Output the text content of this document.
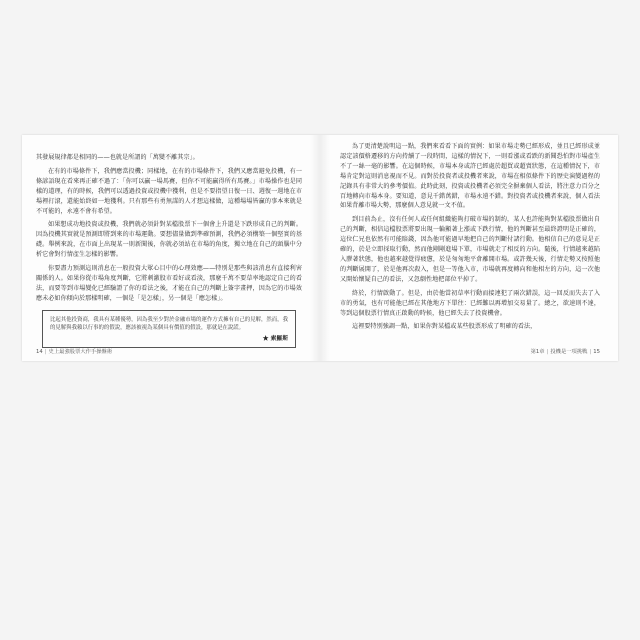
其發展規律都是相同的——也就是所謂的「萬變不離其宗」。

在有的市場條件下，我們應當投機；同樣地，在有的市場條件下，我們又應當避免投機，有一條諺語現在看來再正確不過了：「你可以贏一場馬賽，但你不可能贏得所有馬賽。」市場操作也是同樣的道理，有的時候，我們可以透過投資或投機中獲利，但是不要指望日復一日、週復一週地在市場裡打滾，還能始終如一地獲利。只有那些有勇無謀的人才想這樣做，這種場場皆贏的事本來就是不可能的，永遠不會有希望。

如果想成功地投資或投機，我們就必須針對某檔股票下一個會上升還是下跌形成自己的判斷。因為投機其實就是預測即將到來的市場運動。要想儘量做到準確預測，我們必須構築一個堅實的基礎。舉例來說，在市面上出現某一則新聞後，你就必須站在市場的角度，獨立地在自己的頭腦中分析它會對行情產生怎樣的影響。

你要盡力預測這則消息在一般投資大眾心目中的心理效應——特別是那些與該消息有直接利害關係的人。如果你從市場角度判斷，它將刺激股市看好或看淡，那麼千萬不要草率地認定自己的看法，而要等到市場變化已經驗證了你的看法之後，才能在自己的判斷上簽字畫押，因為它的市場效應未必如你傾向於那樣明確，一個是「是怎樣」，另一個是「應怎樣」。

比起其他投資商，我具有某種優勢，因為我至少對於金融市場的運作方式擁有自己的見解，然而，我的見解與我賴以行事的的假說，應該被視為某個具有價值的假設，那就是在說謊。
★ 索羅斯
14 | 史上最強股票大作手操盤術

為了更清楚說明這一點，我們來看看下面的實例：如果市場走勢已經形成，並且已經形成並認定該價格遷移的方向持續了一段時間，這樣的情況下，一則看漲或看跌的新聞恐怕對市場產生不了一絲一毫的影響。在這個時候，市場本身或許已經處於超買或超賣狀態，在這種情況下，市場肯定對這則消息視而不見。而對於投資者或投機者來說，市場在相似條件下的歷史演變過程的記錄具有非常大的參考價值。此時此刻，投資或投機者必須完全摒棄個人看法，將注意力百分之百地轉向市場本身。要知道，意見千錯萬錯，市場永遠不錯。對投資者或投機者來說，個人看法如果背離市場大勢，那麼個人意見就一文不值。

到目前為止，沒有任何人或任何組織能夠打破市場的制約，某人也許能夠對某檔股票做出自己的判斷，相信這檔股票將要出現一輪顯著上漲或下跌行情，他的判斷甚至最終證明是正確的，這位仁兄也依然有可能賠錢，因為他可能過早地把自己的判斷付諸行動。他相信自己的意見是正確的，於是立即採取行動，然而他剛剛進場下單，市場就走了相反的方向。隨後，行情越來越陷入膠著狀態，他也越來越覺得疲憊，於是匆匆地平倉離開市場。或許幾天後，行情走勢又按照他的判斷展開了，於是他再次殺入，但是一等他入市，市場就再度轉向和他相左的方向，這一次他又開始懷疑自己的看法，又忽劇性地把部位平掉了。

終於，行情啟動了。但是，由於他當初草率行動而接連犯了兩次錯誤，這一回反而失去了入市的勇氣，也有可能他已經在其他地方下單往：已經難以再增加交易量了。總之，欲速則不達，等到這個股票行情真正啟動的時候，他已經失去了投資機會。

這裡要特別強調一點，如果你對某檔或某些股票形成了明確的看法，

第1章 | 投機是一項挑戰 | 15
